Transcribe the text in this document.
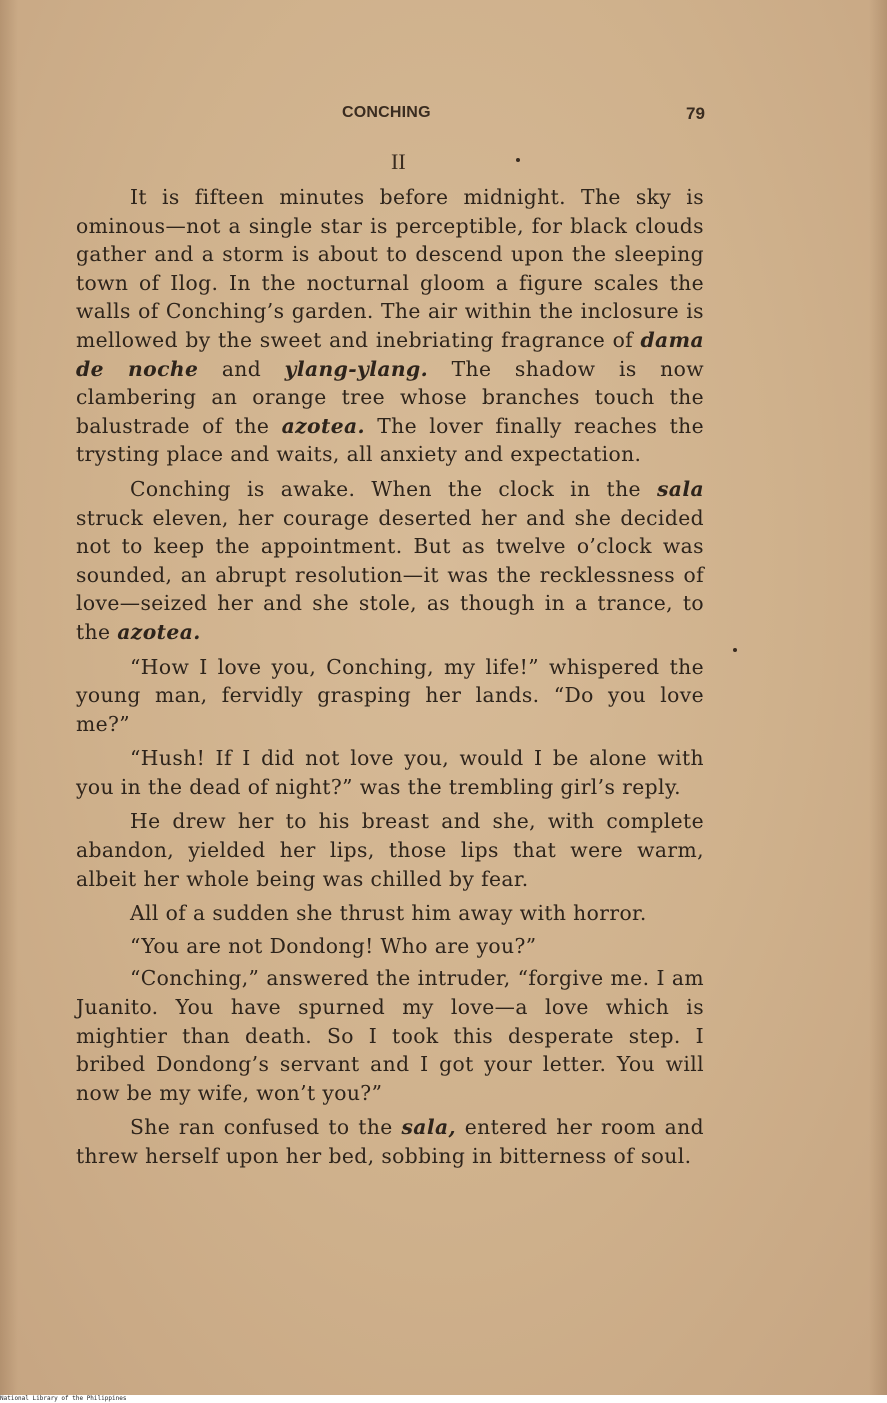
CONCHING	79
II

It is fifteen minutes before midnight. The sky is ominous—not a single star is perceptible, for black clouds gather and a storm is about to descend upon the sleeping town of Ilog. In the nocturnal gloom a figure scales the walls of Conching’s garden. The air within the inclosure is mellowed by the sweet and inebriating fragrance of dama de noche and ylang-ylang. The shadow is now clambering an orange tree whose branches touch the balustrade of the azotea. The lover finally reaches the trysting place and waits, all anxiety and expectation.

Conching is awake. When the clock in the sala struck eleven, her courage deserted her and she decided not to keep the appointment. But as twelve o’clock was sounded, an abrupt resolution—it was the recklessness of love—seized her and she stole, as though in a trance, to the azotea.

“How I love you, Conching, my life!” whispered the young man, fervidly grasping her lands. “Do you love me?”

“Hush! If I did not love you, would I be alone with you in the dead of night?” was the trembling girl’s reply.

He drew her to his breast and she, with complete abandon, yielded her lips, those lips that were warm, albeit her whole being was chilled by fear.

All of a sudden she thrust him away with horror.

“You are not Dondong! Who are you?”

“Conching,” answered the intruder, “forgive me. I am Juanito. You have spurned my love—a love which is mightier than death. So I took this desperate step. I bribed Dondong’s servant and I got your letter. You will now be my wife, won’t you?”

She ran confused to the sala, entered her room and threw herself upon her bed, sobbing in bitterness of soul.

National Library of the Philippines
